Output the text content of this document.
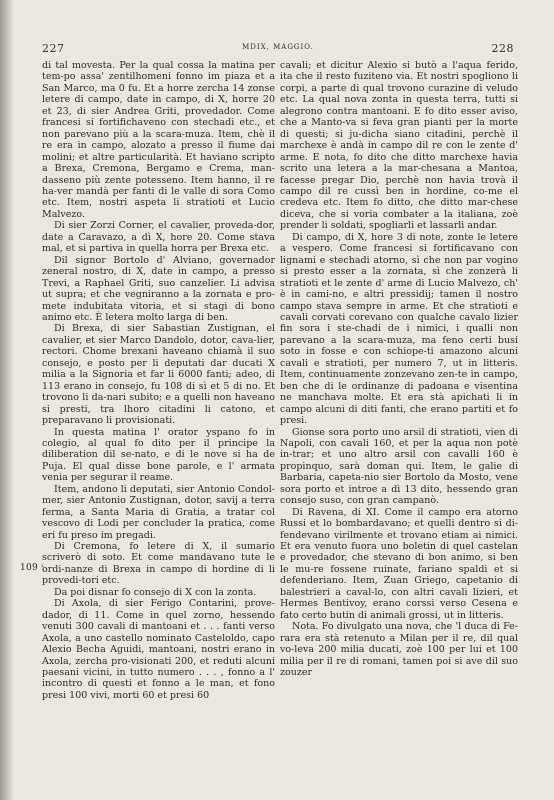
227	MDIX, MAGGIO.	228
109 ⁱ

di tal movesta. Per la qual cossa la matina per tem-po assa' zentilhomeni fonno im piaza et a San Marco, ma 0 fu. Et a horre zercha 14 zonse letere di campo, date in campo, di X, horre 20 et 23, di sier Andrea Griti, provedador. Come francesi si fortifichaveno con stechadi etc., et non parevano più a la scara-muza. Item, chè il re era in campo, alozato a presso il fiume dai molini; et altre particularità. Et haviano scripto a Brexa, Cremona, Bergamo e Crema, man-dasseno più zente potesseno. Item hanno, il re ha-ver mandà per fanti di le valle di sora Como etc. Item, nostri aspeta li stratioti et Lucio Malvezo.

Di sier Zorzi Corner, el cavalier, proveda-dor, date a Caravazo, a dì X, hore 20. Come stava mal, et si partiva in quella horra per Brexa etc.

Dil signor Bortolo d' Alviano, governador zeneral nostro, di X, date in campo, a presso Trevi, a Raphael Griti, suo canzelier. Li advisa ut supra; et che vegniranno a la zornata e pro-mete indubitata vitoria, et si stagi di bono animo etc. È letera molto larga di ben.

Di Brexa, di sier Sabastian Zustignan, el cavalier, et sier Marco Dandolo, dotor, cava-lier, rectori. Chome brexani haveano chiamà il suo consejo, e posto per li deputati dar ducati X milia a la Signoria et far li 6000 fanti; adeo, di 113 erano in consejo, fu 108 di sì et 5 di no. Et trovono li da-nari subito; e a quelli non haveano si presti, tra lhoro citadini li catono, et preparavano li provisionati.

In questa matina l' orator yspano fo in colegio, al qual fo dito per il principe la diliberation dil se-nato, e di le nove si ha de Puja. El qual disse bone parole, e l' armata venia per segurar il reame.

Item, andono li deputati, sier Antonio Condol-mer, sier Antonio Zustignan, dotor, savij a terra ferma, a Santa Maria di Gratia, a tratar col vescovo di Lodi per concluder la pratica, come eri fu preso im pregadi.

Di Cremona, fo letere di X, il sumario scriverò di soto. Et come mandavano tute le ordi-nanze di Brexa in campo di hordine di li provedi-tori etc.

Da poi disnar fo consejo di X con la zonta.

Di Axola, di sier Ferigo Contarini, prove-dador, di 11. Come in quel zorno, hessendo venuti 300 cavali di mantoani et . . . fanti verso Axola, a uno castello nominato Casteloldo, capo Alexio Becha Aguidi, mantoani, nostri erano in Axola, zercha pro-visionati 200, et reduti alcuni paesani vicini, in tutto numero . . . , fonno a l' incontro di questi et fonno a le man, et fono presi 100 vivi, morti 60 et presi 60

cavali; et dicitur Alexio si butò a l'aqua ferido, ita che il resto fuziteno via. Et nostri spogliono li corpi, a parte di qual trovono curazine di veludo etc. La qual nova zonta in questa terra, tutti si alegrono contra mantoani. E fo dito esser aviso, che a Manto-va si feva gran pianti per la morte di questi; si ju-dicha siano citadini, perchè il marchexe è andà in campo dil re con le zente d' arme. E nota, fo dito che ditto marchexe havia scrito una letera a la mar-chesana a Mantoa, facesse pregar Dio, perchè non havia trovà il campo dil re cussì ben in hordine, co-me el credeva etc. Item fo ditto, che ditto mar-chese diceva, che si voria combater a la italiana, zoè prender li soldati, spogliarli et lassarli andar.

Di campo, di X, hore 3 di note, zonte le letere a vespero. Come francesi si fortificavano con lignami e stechadi atorno, sì che non par vogino si presto esser a la zornata, sì che zonzerà li stratioti et le zente d' arme di Lucio Malvezo, ch' è in cami-no, e altri pressidij; tamen il nostro campo stava sempre in arme. Et che stratioti e cavali corvati corevano con qualche cavalo lizier fin sora i ste-chadi de i nimici, i qualli non parevano a la scara-muza, ma feno certi busi soto in fosse e con schiope-ti amazono alcuni cavali e stratioti, per numero 7, ut in litteris. Item, continuamente zonzevano zen-te in campo, ben che di le ordinanze di padoana e visentina ne manchava molte. Et era stà apichati li in campo alcuni di diti fanti, che erano partiti et fo presi.

Gionse sora porto uno arsil di stratioti, vien di Napoli, con cavali 160, et per la aqua non potè in-trar; et uno altro arsil con cavalli 160 è propinquo, sarà doman qui. Item, le galie di Barbaria, capeta-nio sier Bortolo da Mosto, vene sora porto et introe a dì 13 dito, hessendo gran consejo suso, con gran campanò.

Di Ravena, di XI. Come il campo era atorno Russi et lo bombardavano; et quelli dentro si di-fendevano virilmente et trovano etiam ai nimici. Et era venuto fuora uno boletin di quel castelan e provedador, che stevano di bon animo, si ben le mu-re fossene ruinate, fariano spaldi et si defenderiano. Item, Zuan Griego, capetanio di balestrieri a caval-lo, con altri cavali lizieri, et Hermes Bentivoy, erano corssi verso Cesena e fato certo butin di animali grossi, ut in litteris.

Nota. Fo divulgato una nova, che 'l duca di Fe-rara era stà retenuto a Milan per il re, dil qual vo-leva 200 milia ducati, zoè 100 per lui et 100 milia per il re di romani, tamen poi si ave dil suo zouzer
